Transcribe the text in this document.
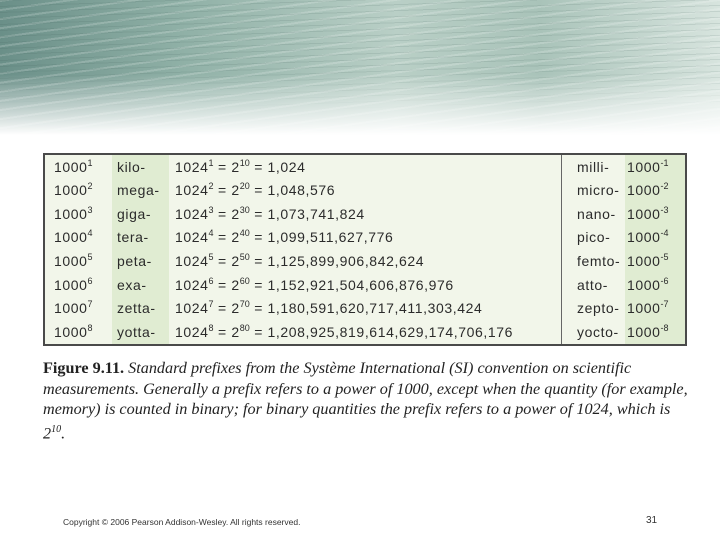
1000$^1$
1000$^2$
1000$^3$
1000$^4$
1000$^5$
1000$^6$
1000$^7$
1000$^8$
kilo-
mega-
giga-
tera-
peta-
exa-
zetta-
yotta-
$1024^1 = 2^{10} = 1,024$
$1024^2 = 2^{20} = 1,048,576$
$1024^3 = 2^{30} = 1,073,741,824$
$1024^4 = 2^{40} = 1,099,511,627,776$
$1024^5 = 2^{50} = 1,125,899,906,842,624$
$1024^6 = 2^{60} = 1,152,921,504,606,876,976$
$1024^7 = 2^{70} = 1,180,591,620,717,411,303,424$
$1024^8 = 2^{80} = 1,208,925,819,614,629,174,706,176$
milli-
micro-
nano-
pico-
femto-
atto-
zepto-
yocto-
$1000^{-1}$
$1000^{-2}$
$1000^{-3}$
$1000^{-4}$
$1000^{-5}$
$1000^{-6}$
$1000^{-7}$
$1000^{-8}$
Figure 9.11. Standard prefixes from the Système International (SI) convention on scientific
measurements. Generally a prefix refers to a power of 1000, except when the quantity (for example,
memory) is counted in binary; for binary quantities the prefix refers to a power of 1024, which is $2^{10}$.
Copyright © 2006 Pearson Addison-Wesley. All rights reserved.	31
